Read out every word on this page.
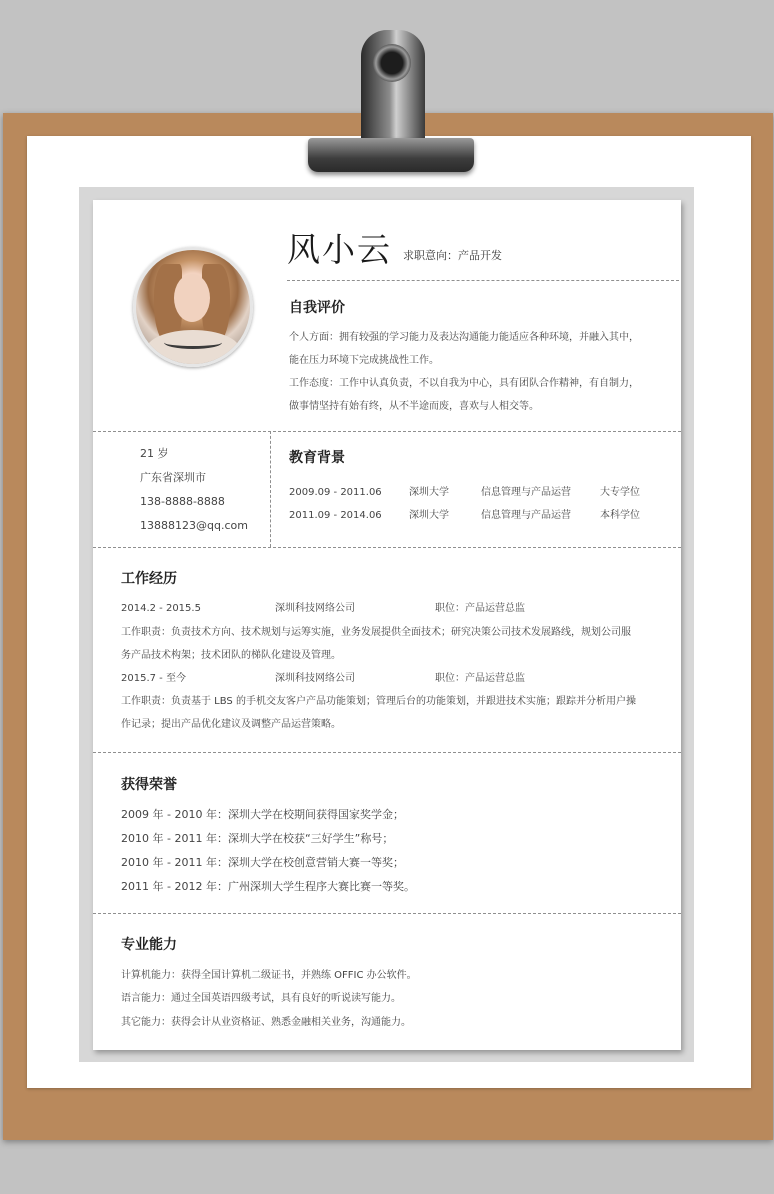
风小云 求职意向：产品开发
自我评价
个人方面：拥有较强的学习能力及表达沟通能力能适应各种环境，并融入其中，
能在压力环境下完成挑战性工作。
工作态度：工作中认真负责，不以自我为中心，具有团队合作精神，有自制力，
做事情坚持有始有终，从不半途而废，喜欢与人相交等。
21 岁
广东省深圳市
138-8888-8888
13888123@qq.com
教育背景
2009.09 - 2011.06	深圳大学	信息管理与产品运营	大专学位
2011.09 - 2014.06	深圳大学	信息管理与产品运营	本科学位
工作经历
2014.2 - 2015.5	深圳科技网络公司	职位：产品运营总监
工作职责：负责技术方向、技术规划与运筹实施，业务发展提供全面技术；研究决策公司技术发展路线，规划公司服
务产品技术构架；技术团队的梯队化建设及管理。
2015.7 - 至今	深圳科技网络公司	职位：产品运营总监
工作职责：负责基于 LBS 的手机交友客户产品功能策划；管理后台的功能策划，并跟进技术实施；跟踪并分析用户操
作记录；提出产品优化建议及调整产品运营策略。
获得荣誉
2009 年 - 2010 年：深圳大学在校期间获得国家奖学金；
2010 年 - 2011 年：深圳大学在校获“三好学生”称号；
2010 年 - 2011 年：深圳大学在校创意营销大赛一等奖；
2011 年 - 2012 年：广州深圳大学生程序大赛比赛一等奖。
专业能力
计算机能力：获得全国计算机二级证书，并熟练 OFFIC 办公软件。
语言能力：通过全国英语四级考试，具有良好的听说读写能力。
其它能力：获得会计从业资格证、熟悉金融相关业务，沟通能力。
